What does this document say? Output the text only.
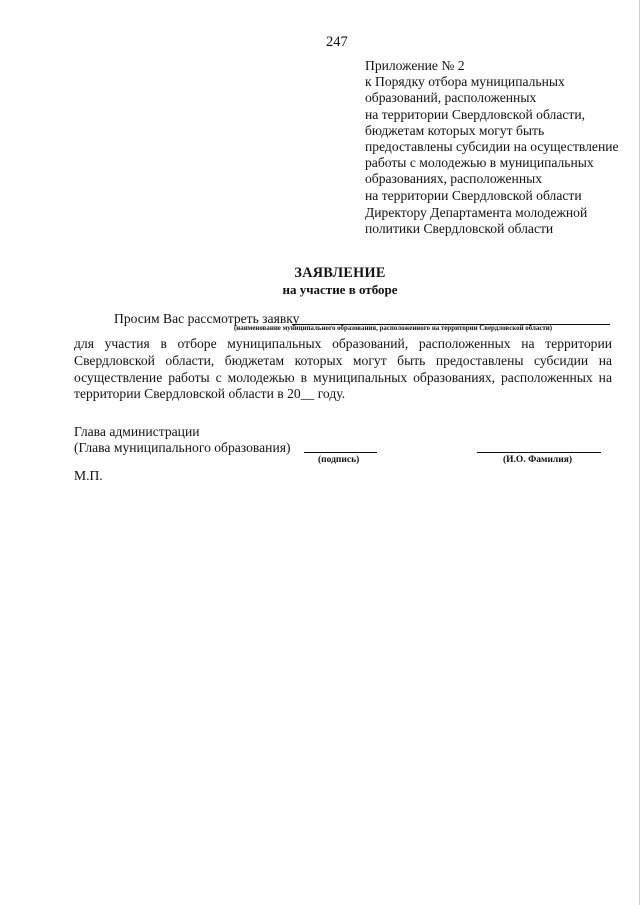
247
Приложение № 2
к Порядку отбора муниципальных
образований, расположенных
на территории Свердловской области,
бюджетам которых могут быть
предоставлены субсидии на осуществление
работы с молодежью в муниципальных
образованиях, расположенных
на территории Свердловской области
Директору Департамента молодежной
политики Свердловской области
ЗАЯВЛЕНИЕ
на участие в отборе
Просим Вас рассмотреть заявку
(наименование муниципального образования, расположенного на территории Свердловской области)
для участия в отборе муниципальных образований, расположенных на территории
Свердловской области, бюджетам которых могут быть предоставлены субсидии на
осуществление работы с молодежью в муниципальных образованиях, расположенных на
территории Свердловской области в 20__ году.
Глава администрации
(Глава муниципального образования)
(подпись)	(И.О. Фамилия)
М.П.
